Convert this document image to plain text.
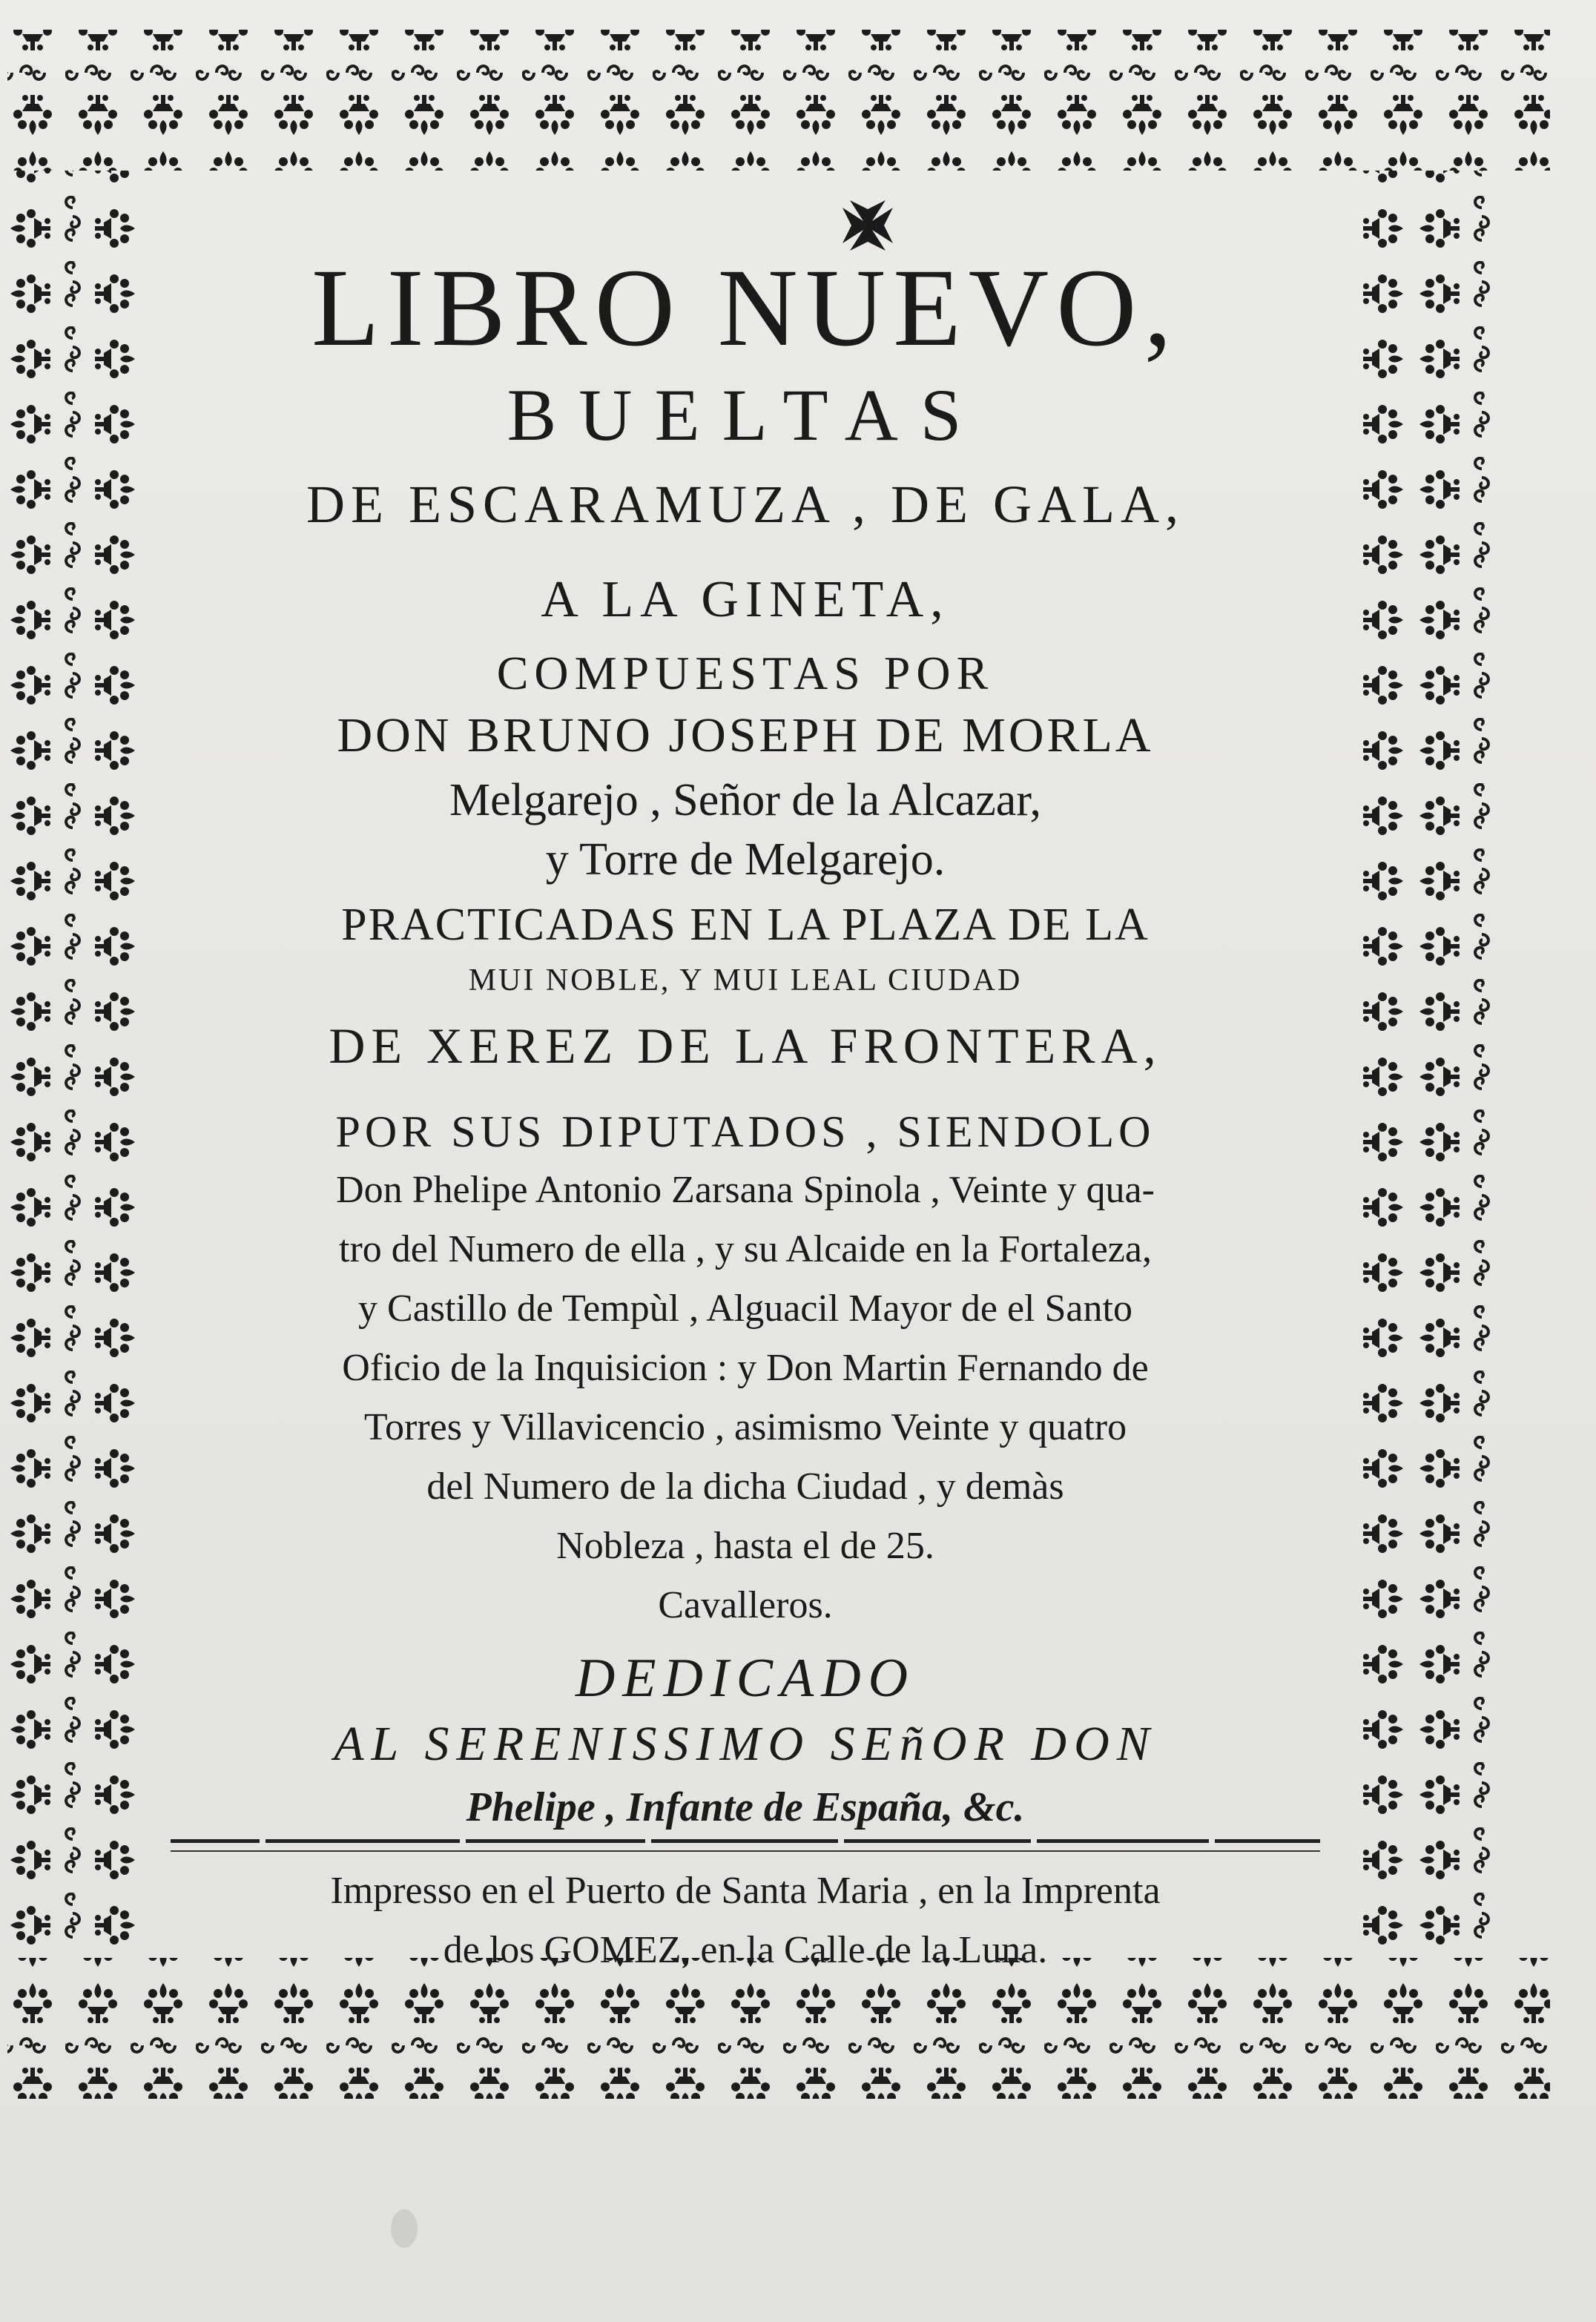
LIBRO NUEVO,
BUELTAS
DE ESCARAMUZA , DE GALA,
A LA GINETA,
COMPUESTAS POR
DON BRUNO JOSEPH DE MORLA
Melgarejo , Señor de la Alcazar,
y Torre de Melgarejo.
PRACTICADAS EN LA PLAZA DE LA
MUI NOBLE, Y MUI LEAL CIUDAD
DE XEREZ DE LA FRONTERA,
POR SUS DIPUTADOS , SIENDOLO
Don Phelipe Antonio Zarsana Spinola , Veinte y qua-
tro del Numero de ella , y su Alcaide en la Fortaleza,
y Castillo de Tempùl , Alguacil Mayor de el Santo
Oficio de la Inquisicion : y Don Martin Fernando de
Torres y Villavicencio , asimismo Veinte y quatro
del Numero de la dicha Ciudad , y demàs
Nobleza , hasta el de 25.
Cavalleros.
DEDICADO
AL SERENISSIMO SEñOR DON
Phelipe , Infante de España, &c.
Impresso en el Puerto de Santa Maria , en la Imprenta
de los GOMEZ, en la Calle de la Luna.
